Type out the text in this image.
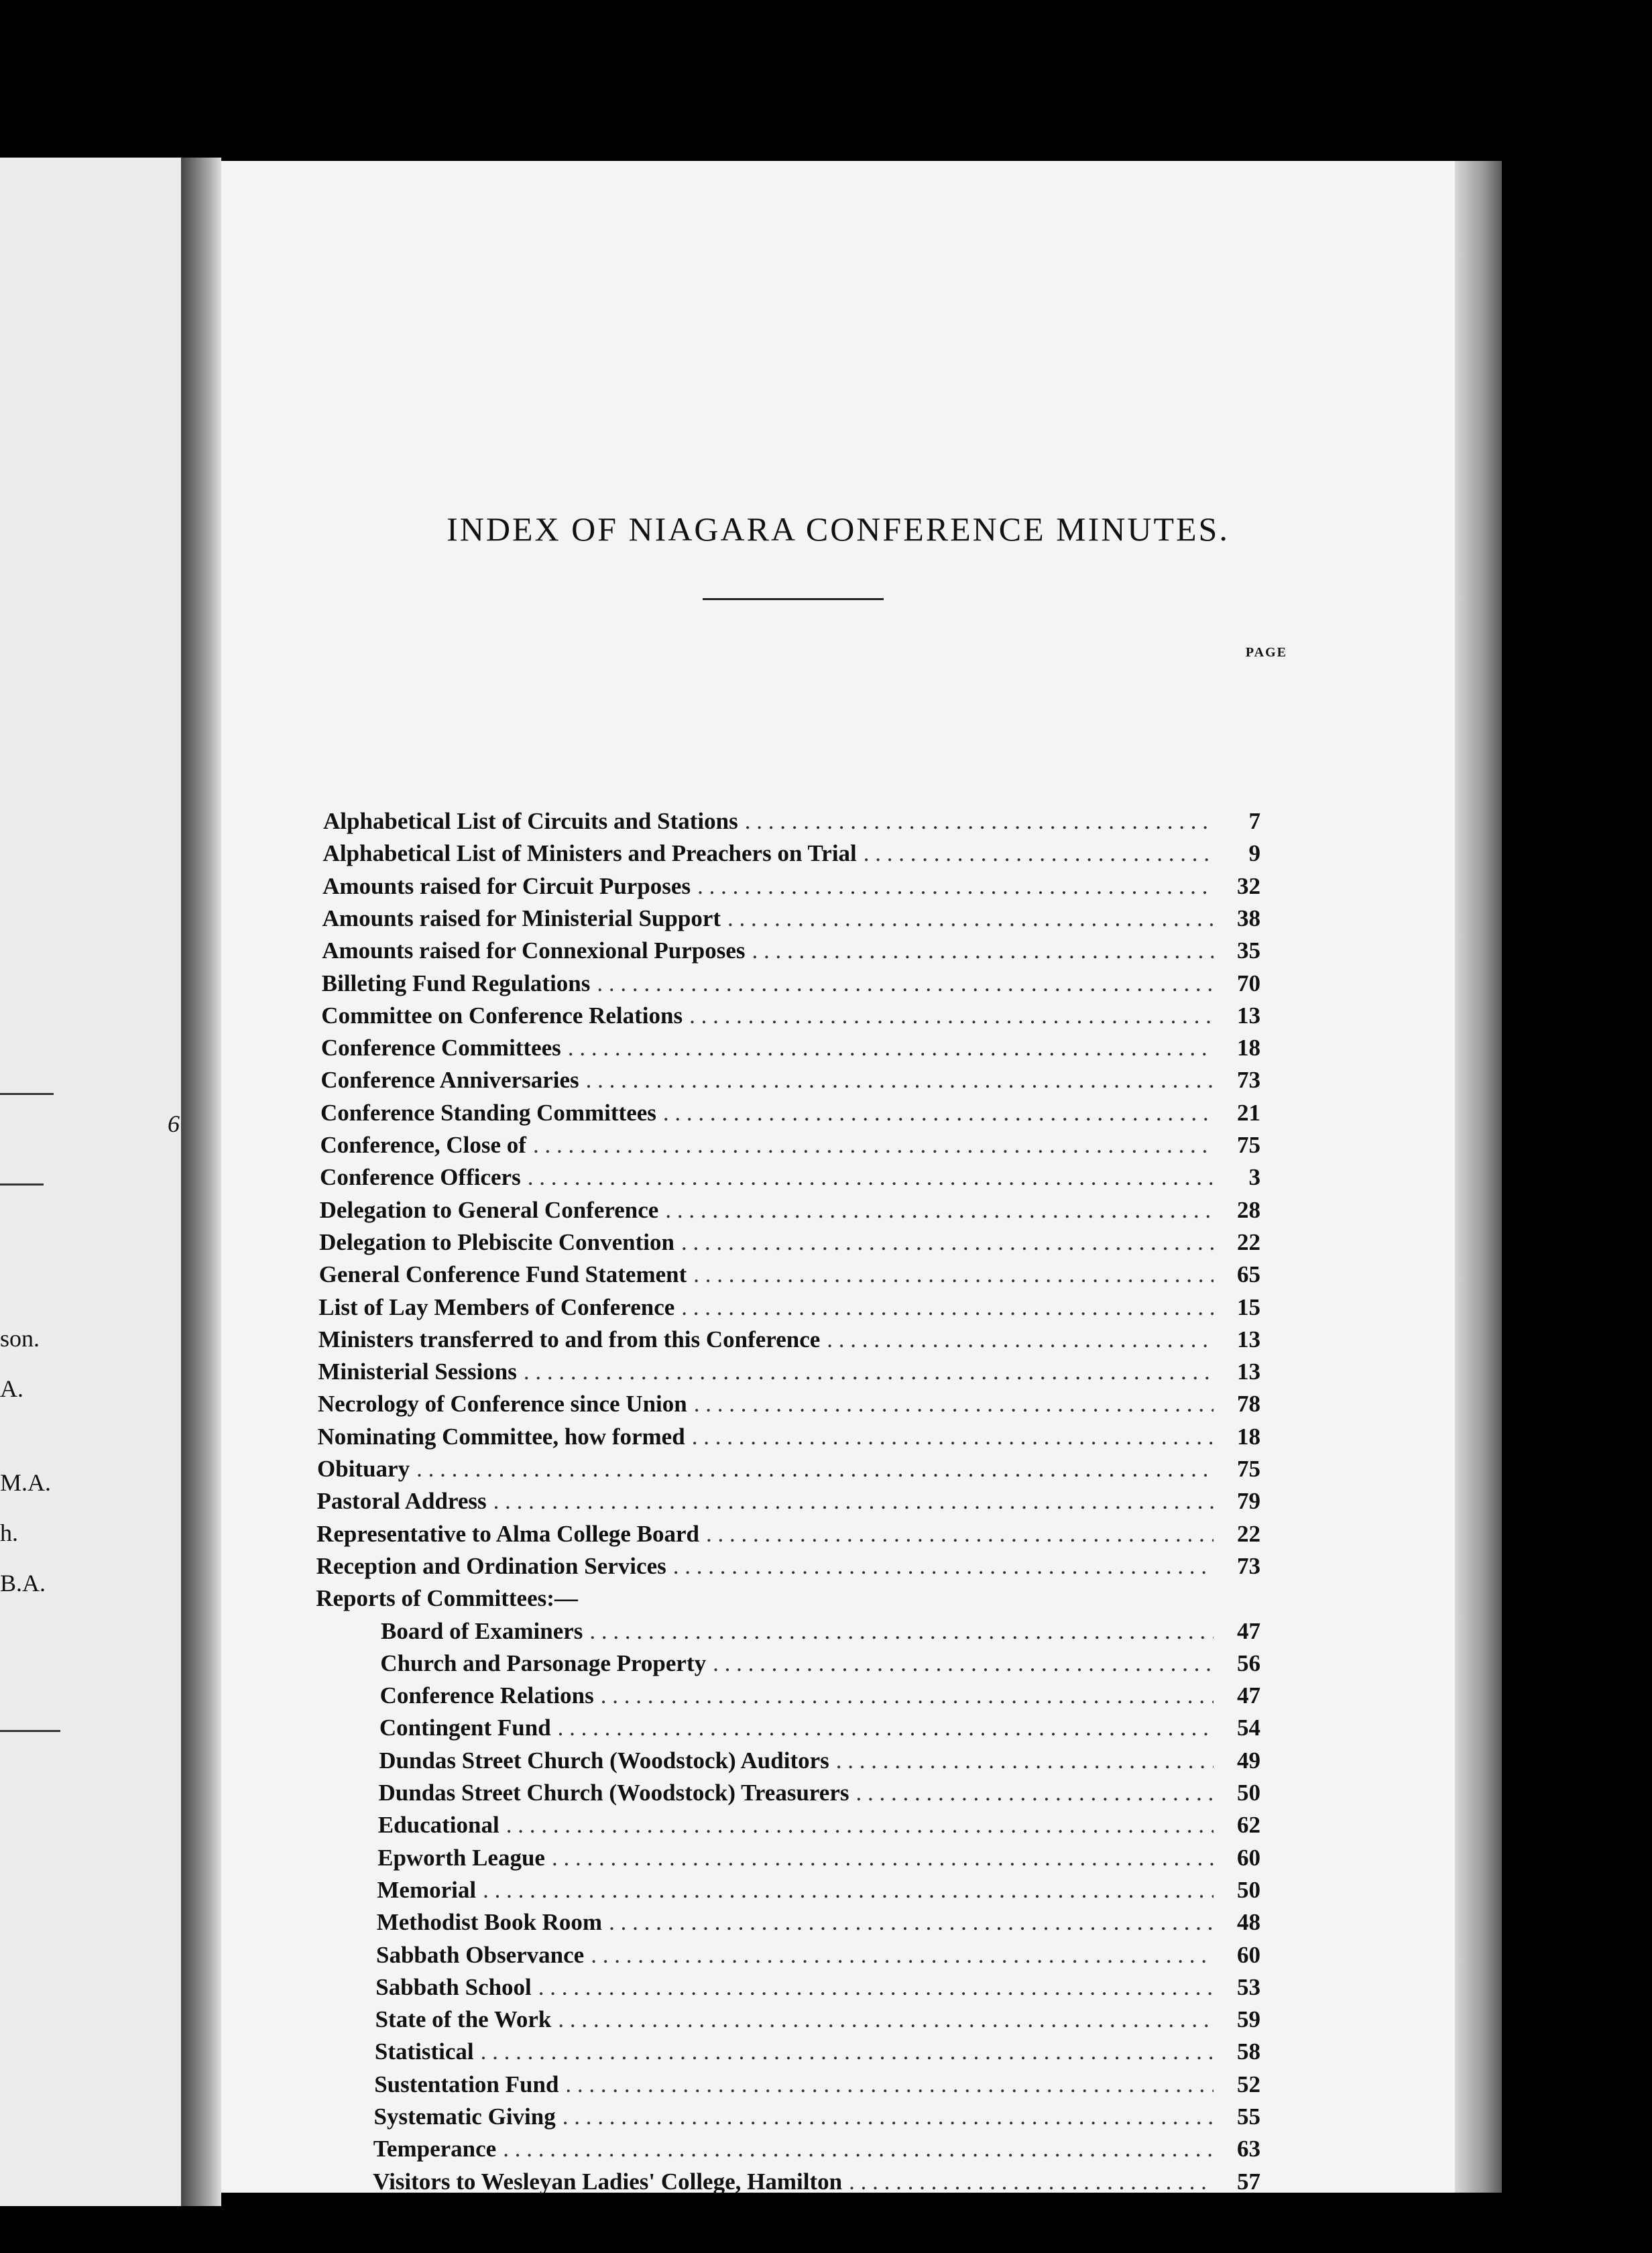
6
son.
A.
M.A.
h.
B.A.
INDEX OF NIAGARA CONFERENCE MINUTES.
PAGE
Alphabetical List of Circuits and Stations . . .	7
Alphabetical List of Ministers and Preachers on Trial . . .	9
Amounts raised for Circuit Purposes . . .	32
Amounts raised for Ministerial Support . . .	38
Amounts raised for Connexional Purposes . . .	35
Billeting Fund Regulations . . .	70
Committee on Conference Relations . . .	13
Conference Committees . . .	18
Conference Anniversaries . . .	73
Conference Standing Committees . . .	21
Conference, Close of . . .	75
Conference Officers . . .	3
Delegation to General Conference . . .	28
Delegation to Plebiscite Convention . . .	22
General Conference Fund Statement . . .	65
List of Lay Members of Conference . . .	15
Ministers transferred to and from this Conference . . .	13
Ministerial Sessions . . .	13
Necrology of Conference since Union . . .	78
Nominating Committee, how formed . . .	18
Obituary . . .	75
Pastoral Address . . .	79
Representative to Alma College Board . . .	22
Reception and Ordination Services . . .	73
Reports of Committees:—
Board of Examiners . . .	47
Church and Parsonage Property . . .	56
Conference Relations . . .	47
Contingent Fund . . .	54
Dundas Street Church (Woodstock) Auditors . . .	49
Dundas Street Church (Woodstock) Treasurers . . .	50
Educational . . .	62
Epworth League . . .	60
Memorial . . .	50
Methodist Book Room . . .	48
Sabbath Observance . . .	60
Sabbath School . . .	53
State of the Work . . .	59
Statistical . . .	58
Sustentation Fund . . .	52
Systematic Giving . . .	55
Temperance . . .	63
Visitors to Wesleyan Ladies' College, Hamilton . . .	57
